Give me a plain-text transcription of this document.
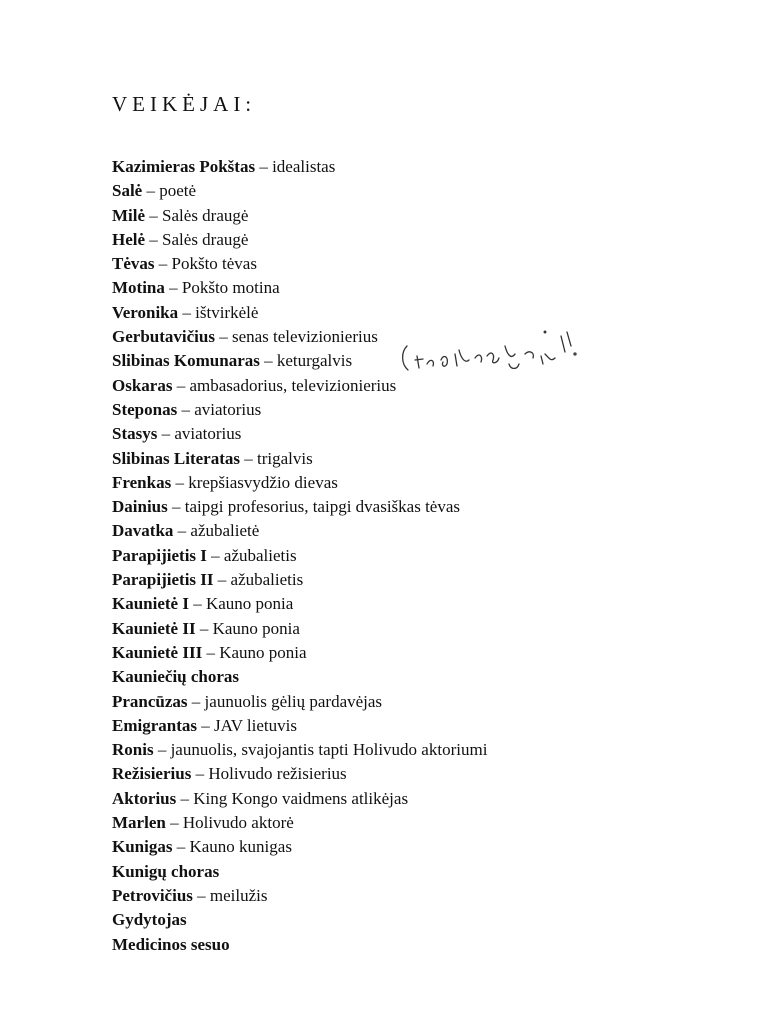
VEIKĖJAI:
Kazimieras Pokštas – idealistas
Salė – poetė
Milė – Salės draugė
Helė – Salės draugė
Tėvas – Pokšto tėvas
Motina – Pokšto motina
Veronika – ištvirkėlė
Gerbutavičius – senas televizionierius
Slibinas Komunaras – keturgalvis
Oskaras – ambasadorius, televizionierius
Steponas – aviatorius
Stasys – aviatorius
Slibinas Literatas – trigalvis
Frenkas – krepšiasvydžio dievas
Dainius – taipgi profesorius, taipgi dvasiškas tėvas
Davatka – ažubalietė
Parapijietis I – ažubalietis
Parapijietis II – ažubalietis
Kaunietė I – Kauno ponia
Kaunietė II – Kauno ponia
Kaunietė III – Kauno ponia
Kauniečių choras
Prancūzas – jaunuolis gėlių pardavėjas
Emigrantas – JAV lietuvis
Ronis – jaunuolis, svajojantis tapti Holivudo aktoriumi
Režisierius – Holivudo režisierius
Aktorius – King Kongo vaidmens atlikėjas
Marlen – Holivudo aktorė
Kunigas – Kauno kunigas
Kunigų choras
Petrovičius – meilužis
Gydytojas
Medicinos sesuo
